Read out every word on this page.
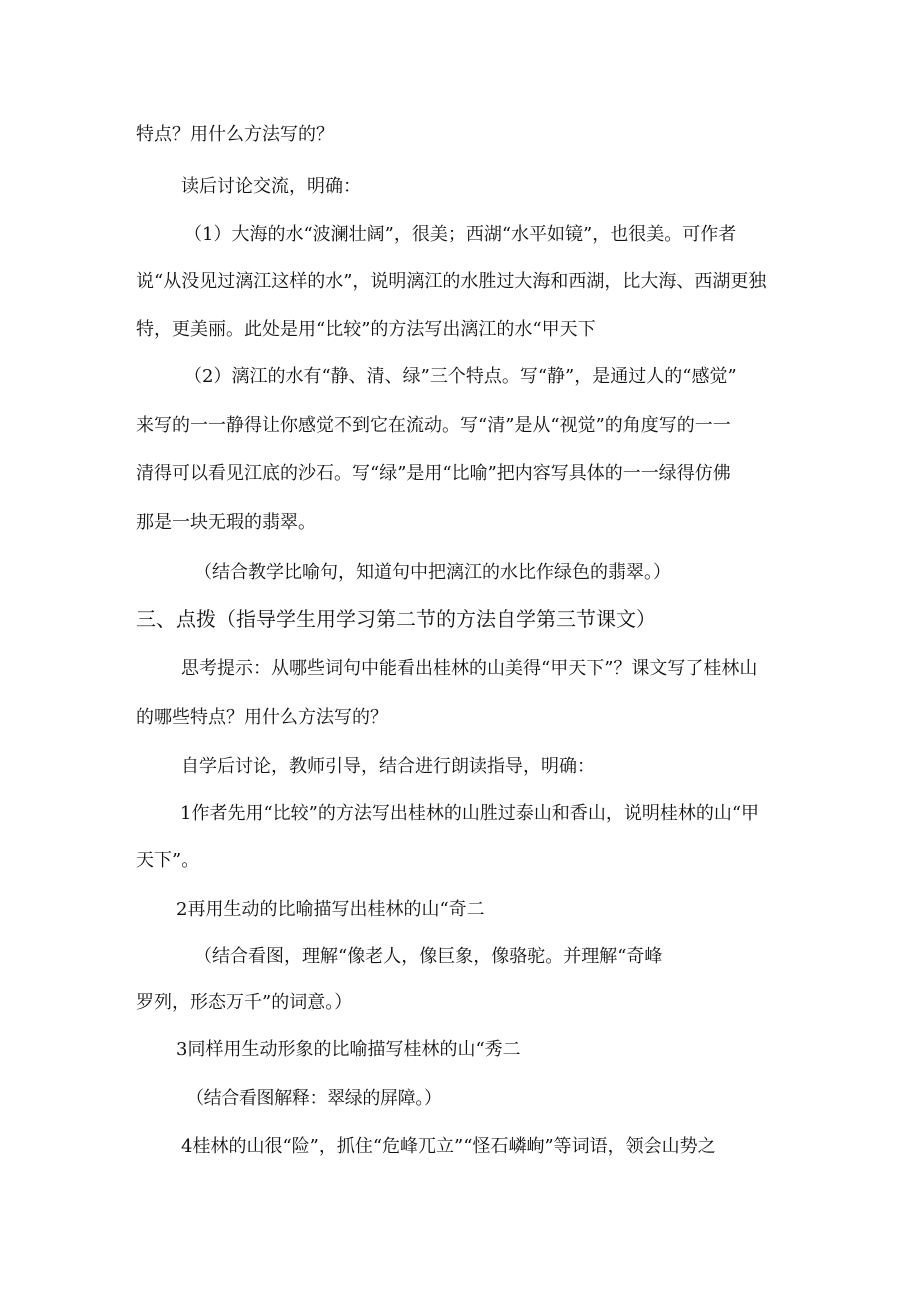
特点？用什么方法写的？
读后讨论交流，明确：
（1）大海的水“波澜壮阔”，很美；西湖“水平如镜”，也很美。可作者
说“从没见过漓江这样的水”，说明漓江的水胜过大海和西湖，比大海、西湖更独
特，更美丽。此处是用“比较”的方法写出漓江的水“甲天下
（2）漓江的水有“静、清、绿”三个特点。写“静”，是通过人的“感觉”
来写的一一静得让你感觉不到它在流动。写“清”是从“视觉”的角度写的一一
清得可以看见江底的沙石。写“绿”是用“比喻”把内容写具体的一一绿得仿佛
那是一块无瑕的翡翠。
（结合教学比喻句，知道句中把漓江的水比作绿色的翡翠。）
三、点拨（指导学生用学习第二节的方法自学第三节课文）
思考提示：从哪些词句中能看出桂林的山美得“甲天下”？课文写了桂林山
的哪些特点？用什么方法写的？
自学后讨论，教师引导，结合进行朗读指导，明确：
1作者先用“比较”的方法写出桂林的山胜过泰山和香山，说明桂林的山“甲
天下”。
2再用生动的比喻描写出桂林的山“奇二
（结合看图，理解“像老人，像巨象，像骆驼。并理解“奇峰
罗列，形态万千”的词意。）
3同样用生动形象的比喻描写桂林的山“秀二
（结合看图解释：翠绿的屏障。）
4桂林的山很“险”，抓住“危峰兀立”“怪石嶙峋”等词语，领会山势之
